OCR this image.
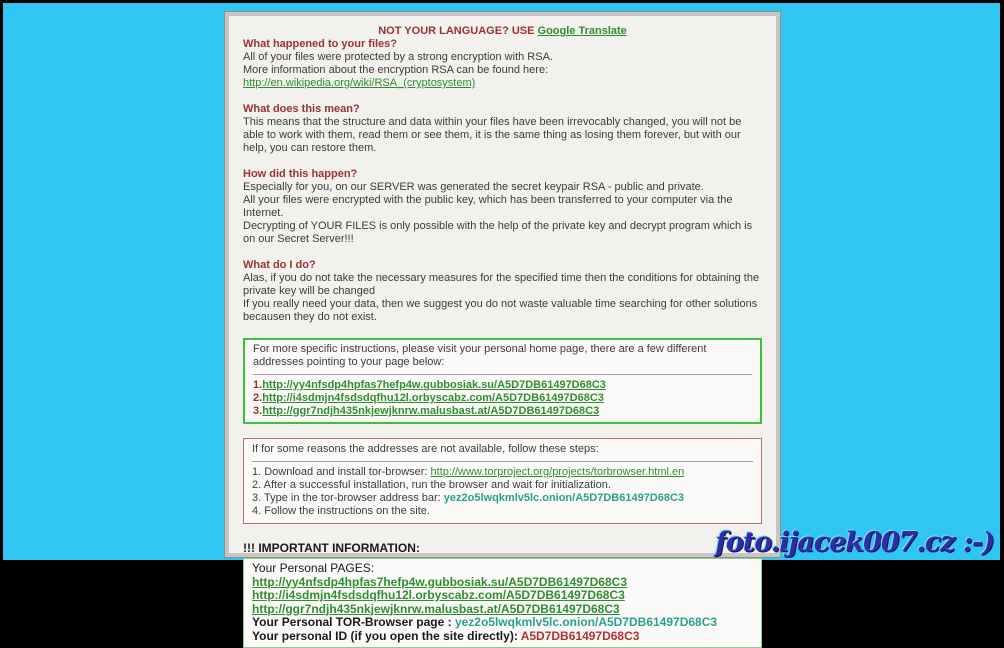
NOT YOUR LANGUAGE? USE Google Translate
What happened to your files?
All of your files were protected by a strong encryption with RSA.
More information about the encryption RSA can be found here: http://en.wikipedia.org/wiki/RSA_(cryptosystem)
What does this mean?
This means that the structure and data within your files have been irrevocably changed, you will not be able to work with them, read them or see them, it is the same thing as losing them forever, but with our help, you can restore them.
How did this happen?
Especially for you, on our SERVER was generated the secret keypair RSA - public and private.
All your files were encrypted with the public key, which has been transferred to your computer via the Internet.
Decrypting of YOUR FILES is only possible with the help of the private key and decrypt program which is on our Secret Server!!!
What do I do?
Alas, if you do not take the necessary measures for the specified time then the conditions for obtaining the private key will be changed
If you really need your data, then we suggest you do not waste valuable time searching for other solutions becausen they do not exist.
For more specific instructions, please visit your personal home page, there are a few different addresses pointing to your page below:
1.http://yy4nfsdp4hpfas7hefp4w.gubbosiak.su/A5D7DB61497D68C3
2.http://i4sdmjn4fsdsdqfhu12l.orbyscabz.com/A5D7DB61497D68C3
3.http://ggr7ndjh435nkjewjknrw.malusbast.at/A5D7DB61497D68C3
If for some reasons the addresses are not available, follow these steps:
1. Download and install tor-browser: http://www.torproject.org/projects/torbrowser.html.en
2. After a successful installation, run the browser and wait for initialization.
3. Type in the tor-browser address bar: yez2o5lwqkmlv5lc.onion/A5D7DB61497D68C3
4. Follow the instructions on the site.
!!! IMPORTANT INFORMATION:
Your Personal PAGES:
http://yy4nfsdp4hpfas7hefp4w.gubbosiak.su/A5D7DB61497D68C3
http://i4sdmjn4fsdsdqfhu12l.orbyscabz.com/A5D7DB61497D68C3
http://ggr7ndjh435nkjewjknrw.malusbast.at/A5D7DB61497D68C3
Your Personal TOR-Browser page : yez2o5lwqkmlv5lc.onion/A5D7DB61497D68C3
Your personal ID (if you open the site directly): A5D7DB61497D68C3
foto.ijacek007.cz :-)
